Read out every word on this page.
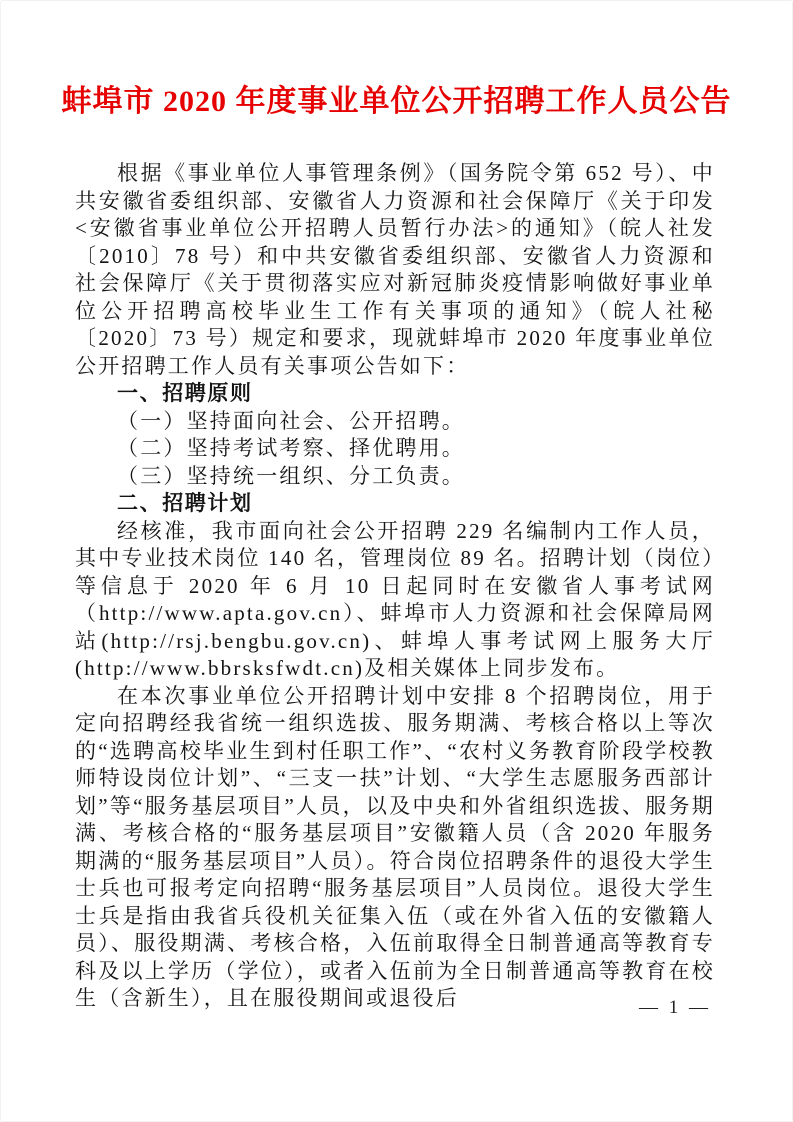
蚌埠市 2020 年度事业单位公开招聘工作人员公告

根据《事业单位人事管理条例》（国务院令第 652 号）、中共安徽省委组织部、安徽省人力资源和社会保障厅《关于印发<安徽省事业单位公开招聘人员暂行办法>的通知》（皖人社发〔2010〕78 号）和中共安徽省委组织部、安徽省人力资源和社会保障厅《关于贯彻落实应对新冠肺炎疫情影响做好事业单位公开招聘高校毕业生工作有关事项的通知》（皖人社秘〔2020〕73 号）规定和要求，现就蚌埠市 2020 年度事业单位公开招聘工作人员有关事项公告如下：

一、招聘原则

（一）坚持面向社会、公开招聘。

（二）坚持考试考察、择优聘用。

（三）坚持统一组织、分工负责。

二、招聘计划

经核准，我市面向社会公开招聘 229 名编制内工作人员，其中专业技术岗位 140 名，管理岗位 89 名。招聘计划（岗位）等信息于 2020 年 6 月 10 日起同时在安徽省人事考试网（http://www.apta.gov.cn）、蚌埠市人力资源和社会保障局网站(http://rsj.bengbu.gov.cn)、蚌埠人事考试网上服务大厅(http://www.bbrsksfwdt.cn)及相关媒体上同步发布。

在本次事业单位公开招聘计划中安排 8 个招聘岗位，用于定向招聘经我省统一组织选拔、服务期满、考核合格以上等次的“选聘高校毕业生到村任职工作”、“农村义务教育阶段学校教师特设岗位计划”、“三支一扶”计划、“大学生志愿服务西部计划”等“服务基层项目”人员，以及中央和外省组织选拔、服务期满、考核合格的“服务基层项目”安徽籍人员（含 2020 年服务期满的“服务基层项目”人员）。符合岗位招聘条件的退役大学生士兵也可报考定向招聘“服务基层项目”人员岗位。退役大学生士兵是指由我省兵役机关征集入伍（或在外省入伍的安徽籍人员）、服役期满、考核合格，入伍前取得全日制普通高等教育专科及以上学历（学位），或者入伍前为全日制普通高等教育在校生（含新生），且在服役期间或退役后	— 1 —
